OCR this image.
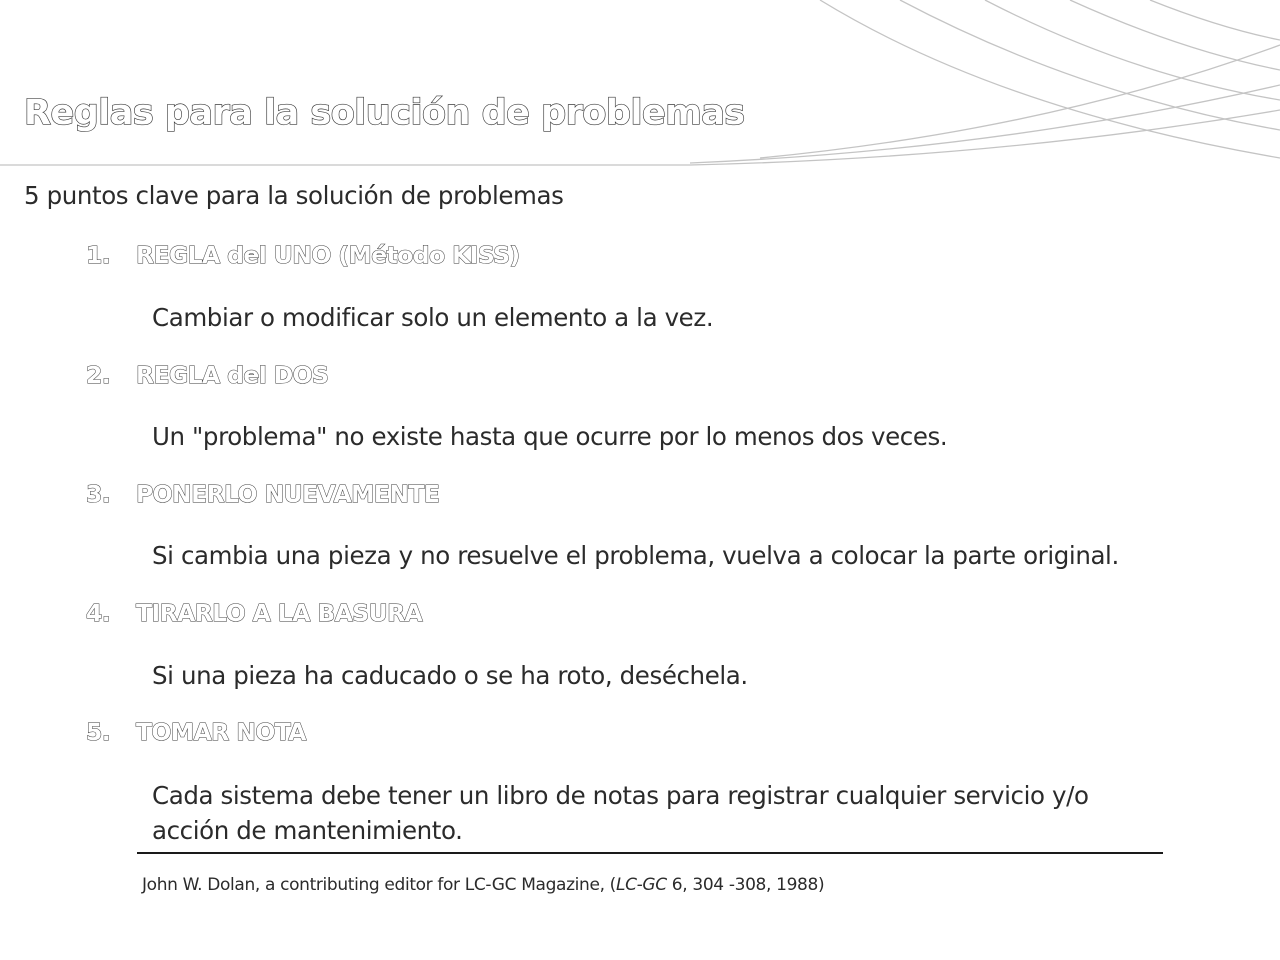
Reglas para la solución de problemas

5 puntos clave para la solución de problemas

1. REGLA del UNO (Método KISS)

Cambiar o modificar solo un elemento a la vez.

2. REGLA del DOS

Un "problema" no existe hasta que ocurre por lo menos dos veces.

3. PONERLO NUEVAMENTE

Si cambia una pieza y no resuelve el problema, vuelva a colocar la parte original.

4. TIRARLO A LA BASURA

Si una pieza ha caducado o se ha roto, deséchela.

5. TOMAR NOTA

Cada sistema debe tener un libro de notas para registrar cualquier servicio y/o

acción de mantenimiento.

John W. Dolan, a contributing editor for LC-GC Magazine, (LC-GC 6, 304 -308, 1988)
